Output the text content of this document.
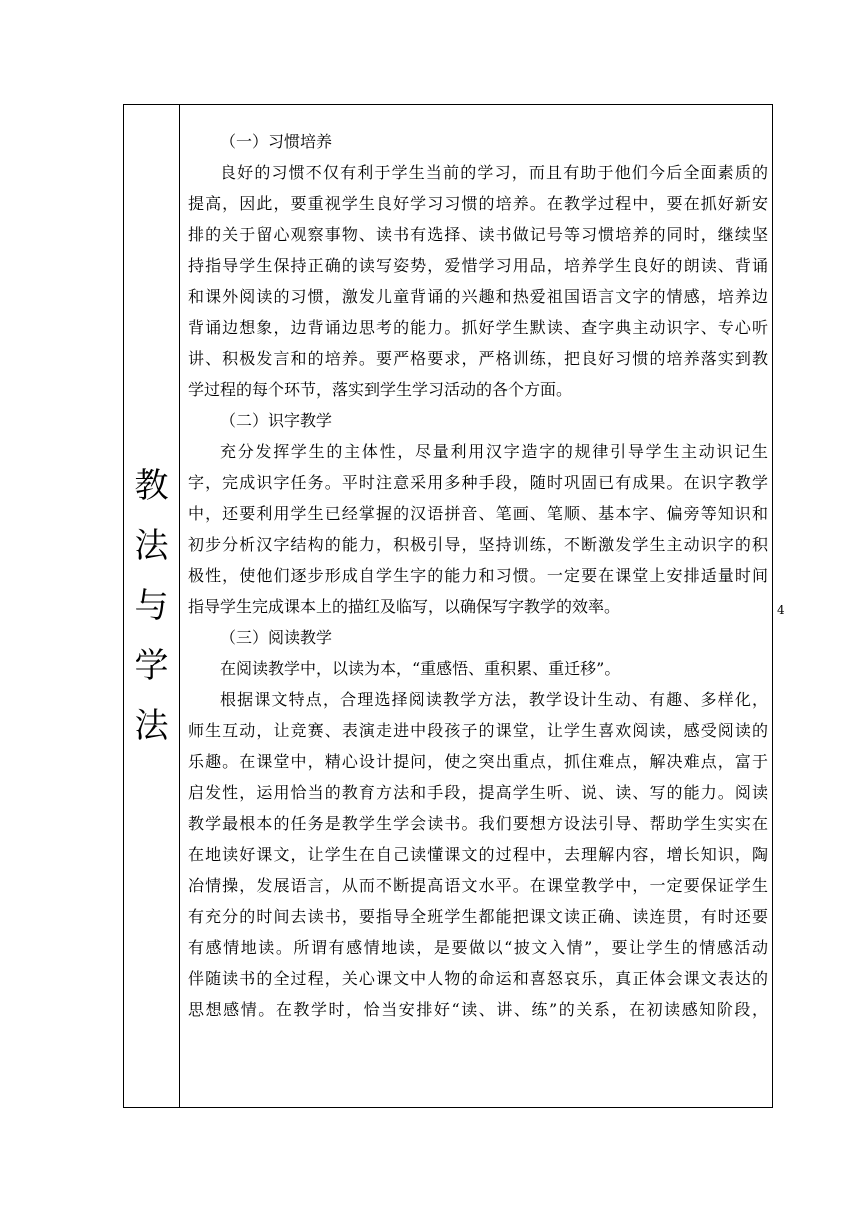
教
法
与
学
法
（一）习惯培养
良好的习惯不仅有利于学生当前的学习，而且有助于他们今后全面素质的
提高，因此，要重视学生良好学习习惯的培养。在教学过程中，要在抓好新安
排的关于留心观察事物、读书有选择、读书做记号等习惯培养的同时，继续坚
持指导学生保持正确的读写姿势，爱惜学习用品，培养学生良好的朗读、背诵
和课外阅读的习惯，激发儿童背诵的兴趣和热爱祖国语言文字的情感，培养边
背诵边想象，边背诵边思考的能力。抓好学生默读、查字典主动识字、专心听
讲、积极发言和的培养。要严格要求，严格训练，把良好习惯的培养落实到教
学过程的每个环节，落实到学生学习活动的各个方面。
（二）识字教学
充分发挥学生的主体性，尽量利用汉字造字的规律引导学生主动识记生
字，完成识字任务。平时注意采用多种手段，随时巩固已有成果。在识字教学
中，还要利用学生已经掌握的汉语拼音、笔画、笔顺、基本字、偏旁等知识和
初步分析汉字结构的能力，积极引导，坚持训练，不断激发学生主动识字的积
极性，使他们逐步形成自学生字的能力和习惯。一定要在课堂上安排适量时间
指导学生完成课本上的描红及临写，以确保写字教学的效率。
（三）阅读教学
在阅读教学中，以读为本，“重感悟、重积累、重迁移”。
根据课文特点，合理选择阅读教学方法，教学设计生动、有趣、多样化，
师生互动，让竞赛、表演走进中段孩子的课堂，让学生喜欢阅读，感受阅读的
乐趣。在课堂中，精心设计提问，使之突出重点，抓住难点，解决难点，富于
启发性，运用恰当的教育方法和手段，提高学生听、说、读、写的能力。阅读
教学最根本的任务是教学生学会读书。我们要想方设法引导、帮助学生实实在
在地读好课文，让学生在自己读懂课文的过程中，去理解内容，增长知识，陶
冶情操，发展语言，从而不断提高语文水平。在课堂教学中，一定要保证学生
有充分的时间去读书，要指导全班学生都能把课文读正确、读连贯，有时还要
有感情地读。所谓有感情地读，是要做以“披文入情”，要让学生的情感活动
伴随读书的全过程，关心课文中人物的命运和喜怒哀乐，真正体会课文表达的
思想感情。在教学时，恰当安排好“读、讲、练”的关系，在初读感知阶段，
4
